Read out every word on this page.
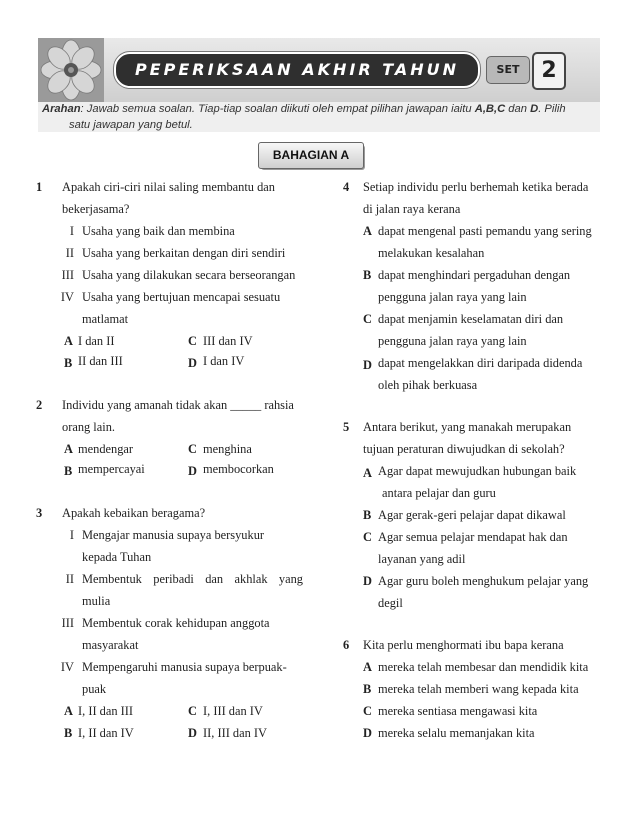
PEPERIKSAAN AKHIR TAHUN	SET 2
Arahan: Jawab semua soalan. Tiap-tiap soalan diikuti oleh empat pilihan jawapan iaitu A,B,C dan D. Pilih
satu jawapan yang betul.
BAHAGIAN A
1 Apakah ciri-ciri nilai saling membantu dan
bekerjasama?
I Usaha yang baik dan membina
II Usaha yang berkaitan dengan diri sendiri
III Usaha yang dilakukan secara berseorangan
IV Usaha yang bertujuan mencapai sesuatu
matlamat
A I dan II	C III dan IV
B II dan III	D I dan IV
2 Individu yang amanah tidak akan _____ rahsia
orang lain.
A mendengar	C menghina
B mempercayai	D membocorkan
3 Apakah kebaikan beragama?
I Mengajar manusia supaya bersyukur
kepada Tuhan
II Membentuk peribadi dan akhlak yang
mulia
III Membentuk corak kehidupan anggota
masyarakat
IV Mempengaruhi manusia supaya berpuak-
puak
A I, II dan III	C I, III dan IV
B I, II dan IV	D II, III dan IV
4 Setiap individu perlu berhemah ketika berada
di jalan raya kerana
A dapat mengenal pasti pemandu yang sering
melakukan kesalahan
B dapat menghindari pergaduhan dengan
pengguna jalan raya yang lain
C dapat menjamin keselamatan diri dan
pengguna jalan raya yang lain
D dapat mengelakkan diri daripada didenda
oleh pihak berkuasa
5 Antara berikut, yang manakah merupakan
tujuan peraturan diwujudkan di sekolah?
A Agar dapat mewujudkan hubungan baik
antara pelajar dan guru
B Agar gerak-geri pelajar dapat dikawal
C Agar semua pelajar mendapat hak dan
layanan yang adil
D Agar guru boleh menghukum pelajar yang
degil
6 Kita perlu menghormati ibu bapa kerana
A mereka telah membesar dan mendidik kita
B mereka telah memberi wang kepada kita
C mereka sentiasa mengawasi kita
D mereka selalu memanjakan kita
